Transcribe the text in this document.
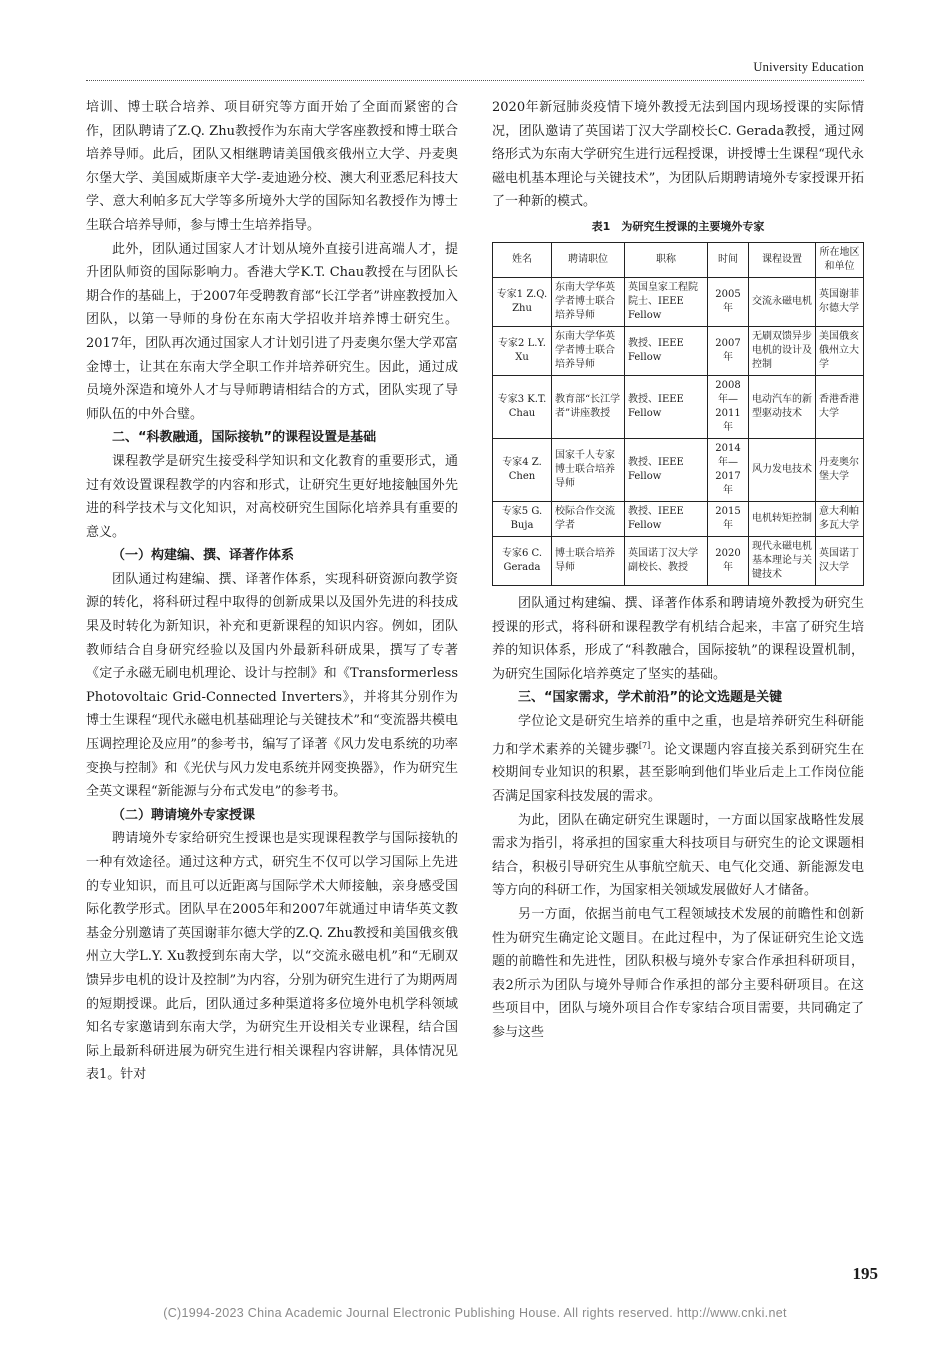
University Education

培训、博士联合培养、项目研究等方面开始了全面而紧密的合作，团队聘请了Z.Q. Zhu教授作为东南大学客座教授和博士联合培养导师。此后，团队又相继聘请美国俄亥俄州立大学、丹麦奥尔堡大学、美国威斯康辛大学-麦迪逊分校、澳大利亚悉尼科技大学、意大利帕多瓦大学等多所境外大学的国际知名教授作为博士生联合培养导师，参与博士生培养指导。

此外，团队通过国家人才计划从境外直接引进高端人才，提升团队师资的国际影响力。香港大学K.T. Chau教授在与团队长期合作的基础上，于2007年受聘教育部“长江学者”讲座教授加入团队，以第一导师的身份在东南大学招收并培养博士研究生。2017年，团队再次通过国家人才计划引进了丹麦奥尔堡大学邓富金博士，让其在东南大学全职工作并培养研究生。因此，通过成员境外深造和境外人才与导师聘请相结合的方式，团队实现了导师队伍的中外合璧。

二、“科教融通，国际接轨”的课程设置是基础

课程教学是研究生接受科学知识和文化教育的重要形式，通过有效设置课程教学的内容和形式，让研究生更好地接触国外先进的科学技术与文化知识，对高校研究生国际化培养具有重要的意义。

（一）构建编、撰、译著作体系

团队通过构建编、撰、译著作体系，实现科研资源向教学资源的转化，将科研过程中取得的创新成果以及国外先进的科技成果及时转化为新知识，补充和更新课程的知识内容。例如，团队教师结合自身研究经验以及国内外最新科研成果，撰写了专著《定子永磁无刷电机理论、设计与控制》和《Transformerless Photovoltaic Grid-Connected Inverters》，并将其分别作为博士生课程“现代永磁电机基础理论与关键技术”和“变流器共模电压调控理论及应用”的参考书，编写了译著《风力发电系统的功率变换与控制》和《光伏与风力发电系统并网变换器》，作为研究生全英文课程“新能源与分布式发电”的参考书。

（二）聘请境外专家授课

聘请境外专家给研究生授课也是实现课程教学与国际接轨的一种有效途径。通过这种方式，研究生不仅可以学习国际上先进的专业知识，而且可以近距离与国际学术大师接触，亲身感受国际化教学形式。团队早在2005年和2007年就通过申请华英文教基金分别邀请了英国谢菲尔德大学的Z.Q. Zhu教授和美国俄亥俄州立大学L.Y. Xu教授到东南大学，以“交流永磁电机”和“无刷双馈异步电机的设计及控制”为内容，分别为研究生进行了为期两周的短期授课。此后，团队通过多种渠道将多位境外电机学科领域知名专家邀请到东南大学，为研究生开设相关专业课程，结合国际上最新科研进展为研究生进行相关课程内容讲解，具体情况见表1。针对

2020年新冠肺炎疫情下境外教授无法到国内现场授课的实际情况，团队邀请了英国诺丁汉大学副校长C. Gerada教授，通过网络形式为东南大学研究生进行远程授课，讲授博士生课程“现代永磁电机基本理论与关键技术”，为团队后期聘请境外专家授课开拓了一种新的模式。

表1　为研究生授课的主要境外专家
姓名	聘请职位	职称	时间	课程设置	所在地区和单位
专家1 Z.Q. Zhu	东南大学华英学者博士联合培养导师	英国皇家工程院院士、IEEE Fellow	2005年	交流永磁电机	英国谢菲尔德大学
专家2 L.Y. Xu	东南大学华英学者博士联合培养导师	教授、IEEE Fellow	2007年	无刷双馈异步电机的设计及控制	美国俄亥俄州立大学
专家3 K.T. Chau	教育部“长江学者”讲座教授	教授、IEEE Fellow	2008年—2011年	电动汽车的新型驱动技术	香港香港大学
专家4 Z. Chen	国家千人专家博士联合培养导师	教授、IEEE Fellow	2014年—2017年	风力发电技术	丹麦奥尔堡大学
专家5 G. Buja	校际合作交流学者	教授、IEEE Fellow	2015年	电机转矩控制	意大利帕多瓦大学
专家6 C. Gerada	博士联合培养导师	英国诺丁汉大学副校长、教授	2020年	现代永磁电机基本理论与关键技术	英国诺丁汉大学

团队通过构建编、撰、译著作体系和聘请境外教授为研究生授课的形式，将科研和课程教学有机结合起来，丰富了研究生培养的知识体系，形成了“科教融合，国际接轨”的课程设置机制，为研究生国际化培养奠定了坚实的基础。

三、“国家需求，学术前沿”的论文选题是关键

学位论文是研究生培养的重中之重，也是培养研究生科研能力和学术素养的关键步骤[7]。论文课题内容直接关系到研究生在校期间专业知识的积累，甚至影响到他们毕业后走上工作岗位能否满足国家科技发展的需求。

为此，团队在确定研究生课题时，一方面以国家战略性发展需求为指引，将承担的国家重大科技项目与研究生的论文课题相结合，积极引导研究生从事航空航天、电气化交通、新能源发电等方向的科研工作，为国家相关领域发展做好人才储备。

另一方面，依据当前电气工程领域技术发展的前瞻性和创新性为研究生确定论文题目。在此过程中，为了保证研究生论文选题的前瞻性和先进性，团队积极与境外专家合作承担科研项目，表2所示为团队与境外导师合作承担的部分主要科研项目。在这些项目中，团队与境外项目合作专家结合项目需要，共同确定了参与这些

195
(C)1994-2023 China Academic Journal Electronic Publishing House. All rights reserved. http://www.cnki.net
